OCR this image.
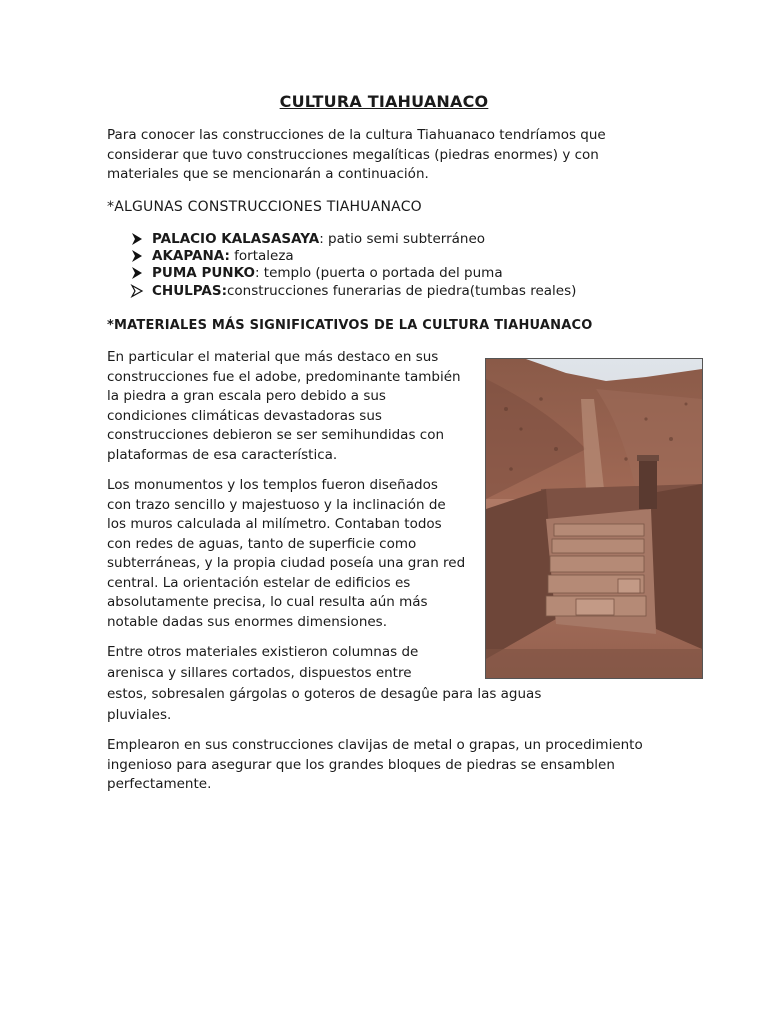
CULTURA TIAHUANACO
Para conocer las construcciones de la cultura Tiahuanaco tendríamos que
considerar que tuvo construcciones megalíticas (piedras enormes) y con
materiales que se mencionarán a continuación.
*ALGUNAS CONSTRUCCIONES TIAHUANACO
PALACIO KALASASAYA: patio semi subterráneo
AKAPANA: fortaleza
PUMA PUNKO: templo (puerta o portada del puma
CHULPAS:construcciones funerarias de piedra(tumbas reales)
*MATERIALES MÁS SIGNIFICATIVOS DE LA CULTURA TIAHUANACO
En particular el material que más destaco en sus
construcciones fue el adobe, predominante también
la piedra a gran escala pero debido a sus
condiciones climáticas devastadoras sus
construcciones debieron se ser semihundidas con
plataformas de esa característica.
Los monumentos y los templos fueron diseñados
con trazo sencillo y majestuoso y la inclinación de
los muros calculada al milímetro. Contaban todos
con redes de aguas, tanto de superficie como
subterráneas, y la propia ciudad poseía una gran red
central. La orientación estelar de edificios es
absolutamente precisa, lo cual resulta aún más
notable dadas sus enormes dimensiones.
Entre otros materiales existieron columnas de
arenisca y sillares cortados, dispuestos entre
estos, sobresalen gárgolas o goteros de desagûe para las aguas
pluviales.
Emplearon en sus construcciones clavijas de metal o grapas, un procedimiento
ingenioso para asegurar que los grandes bloques de piedras se ensamblen
perfectamente.
